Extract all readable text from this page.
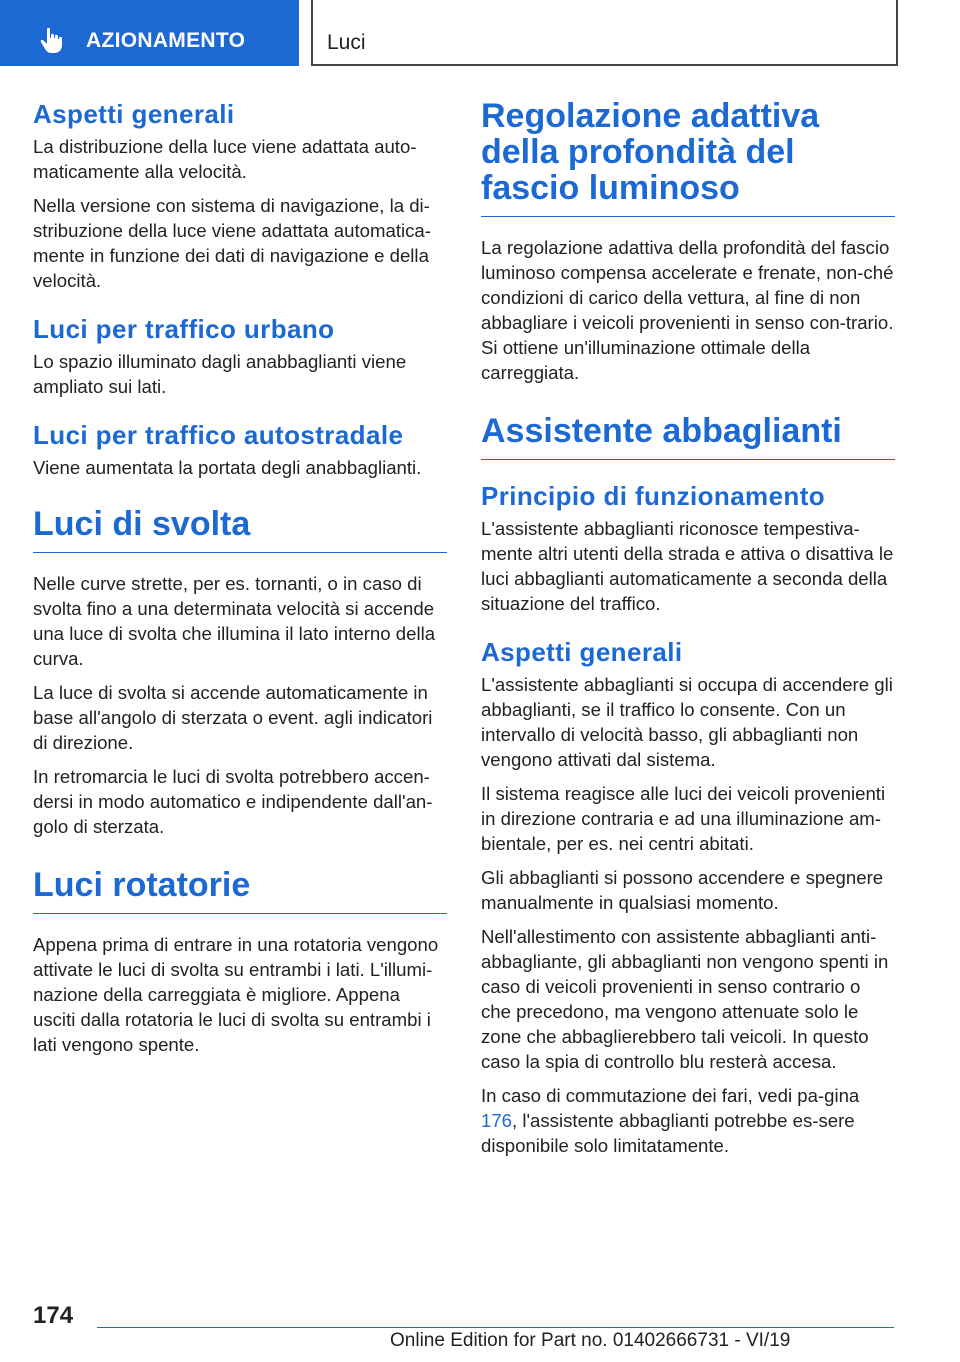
AZIONAMENTO	Luci
Aspetti generali

La distribuzione della luce viene adattata auto-maticamente alla velocità.

Nella versione con sistema di navigazione, la di-stribuzione della luce viene adattata automatica-mente in funzione dei dati di navigazione e della velocità.

Luci per traffico urbano

Lo spazio illuminato dagli anabbaglianti viene ampliato sui lati.

Luci per traffico autostradale

Viene aumentata la portata degli anabbaglianti.

Luci di svolta

Nelle curve strette, per es. tornanti, o in caso di svolta fino a una determinata velocità si accende una luce di svolta che illumina il lato interno della curva.

La luce di svolta si accende automaticamente in base all'angolo di sterzata o event. agli indicatori di direzione.

In retromarcia le luci di svolta potrebbero accen-dersi in modo automatico e indipendente dall'an-golo di sterzata.

Luci rotatorie

Appena prima di entrare in una rotatoria vengono attivate le luci di svolta su entrambi i lati. L'illumi-nazione della carreggiata è migliore. Appena usciti dalla rotatoria le luci di svolta su entrambi i lati vengono spente.

Regolazione adattiva della profondità del fascio luminoso

La regolazione adattiva della profondità del fascio luminoso compensa accelerate e frenate, non-ché condizioni di carico della vettura, al fine di non abbagliare i veicoli provenienti in senso con-trario. Si ottiene un'illuminazione ottimale della carreggiata.

Assistente abbaglianti
Principio di funzionamento

L'assistente abbaglianti riconosce tempestiva-mente altri utenti della strada e attiva o disattiva le luci abbaglianti automaticamente a seconda della situazione del traffico.

Aspetti generali

L'assistente abbaglianti si occupa di accendere gli abbaglianti, se il traffico lo consente. Con un intervallo di velocità basso, gli abbaglianti non vengono attivati dal sistema.

Il sistema reagisce alle luci dei veicoli provenienti in direzione contraria e ad una illuminazione am-bientale, per es. nei centri abitati.

Gli abbaglianti si possono accendere e spegnere manualmente in qualsiasi momento.

Nell'allestimento con assistente abbaglianti anti-abbagliante, gli abbaglianti non vengono spenti in caso di veicoli provenienti in senso contrario o che precedono, ma vengono attenuate solo le zone che abbaglierebbero tali veicoli. In questo caso la spia di controllo blu resterà accesa.

In caso di commutazione dei fari, vedi pa-gina 176, l'assistente abbaglianti potrebbe es-sere disponibile solo limitatamente.

174
Online Edition for Part no. 01402666731 - VI/19
